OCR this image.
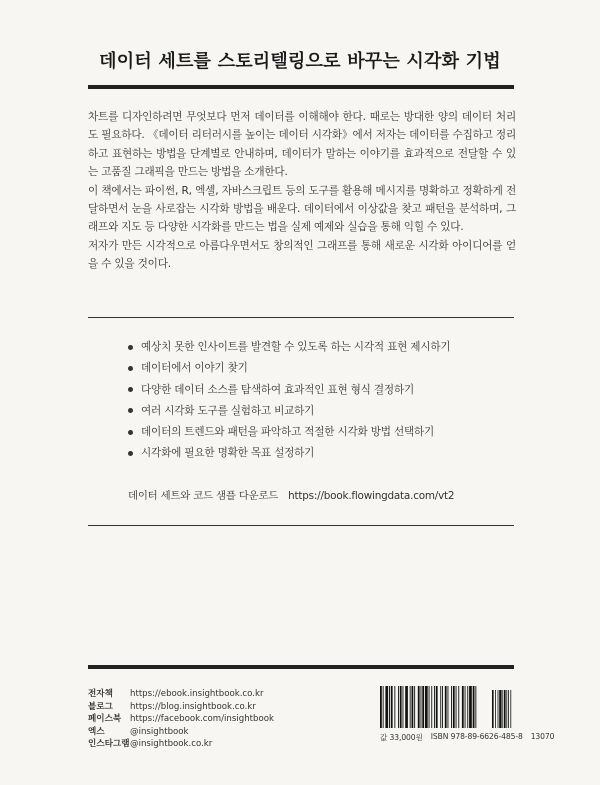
데이터 세트를 스토리텔링으로 바꾸는 시각화 기법

차트를 디자인하려면 무엇보다 먼저 데이터를 이해해야 한다. 때로는 방대한 양의 데이터 처리도 필요하다. 《데이터 리터러시를 높이는 데이터 시각화》에서 저자는 데이터를 수집하고 정리하고 표현하는 방법을 단계별로 안내하며, 데이터가 말하는 이야기를 효과적으로 전달할 수 있는 고품질 그래픽을 만드는 방법을 소개한다.

이 책에서는 파이썬, R, 엑셀, 자바스크립트 등의 도구를 활용해 메시지를 명확하고 정확하게 전달하면서 눈을 사로잡는 시각화 방법을 배운다. 데이터에서 이상값을 찾고 패턴을 분석하며, 그래프와 지도 등 다양한 시각화를 만드는 법을 실제 예제와 실습을 통해 익힐 수 있다.

저자가 만든 시각적으로 아름다우면서도 창의적인 그래프를 통해 새로운 시각화 아이디어를 얻을 수 있을 것이다.

예상치 못한 인사이트를 발견할 수 있도록 하는 시각적 표현 제시하기
데이터에서 이야기 찾기
다양한 데이터 소스를 탐색하여 효과적인 표현 형식 결정하기
여러 시각화 도구를 실험하고 비교하기
데이터의 트렌드와 패턴을 파악하고 적절한 시각화 방법 선택하기
시각화에 필요한 명확한 목표 설정하기
데이터 세트와 코드 샘플 다운로드 https://book.flowingdata.com/vt2
전자책	https://ebook.insightbook.co.kr
블로그	https://blog.insightbook.co.kr
페이스북	https://facebook.com/insightbook
엑스	@insightbook
인스타그램 @insightbook.co.kr
값 33,000원 ISBN 978-89-6626-485-8 13070
